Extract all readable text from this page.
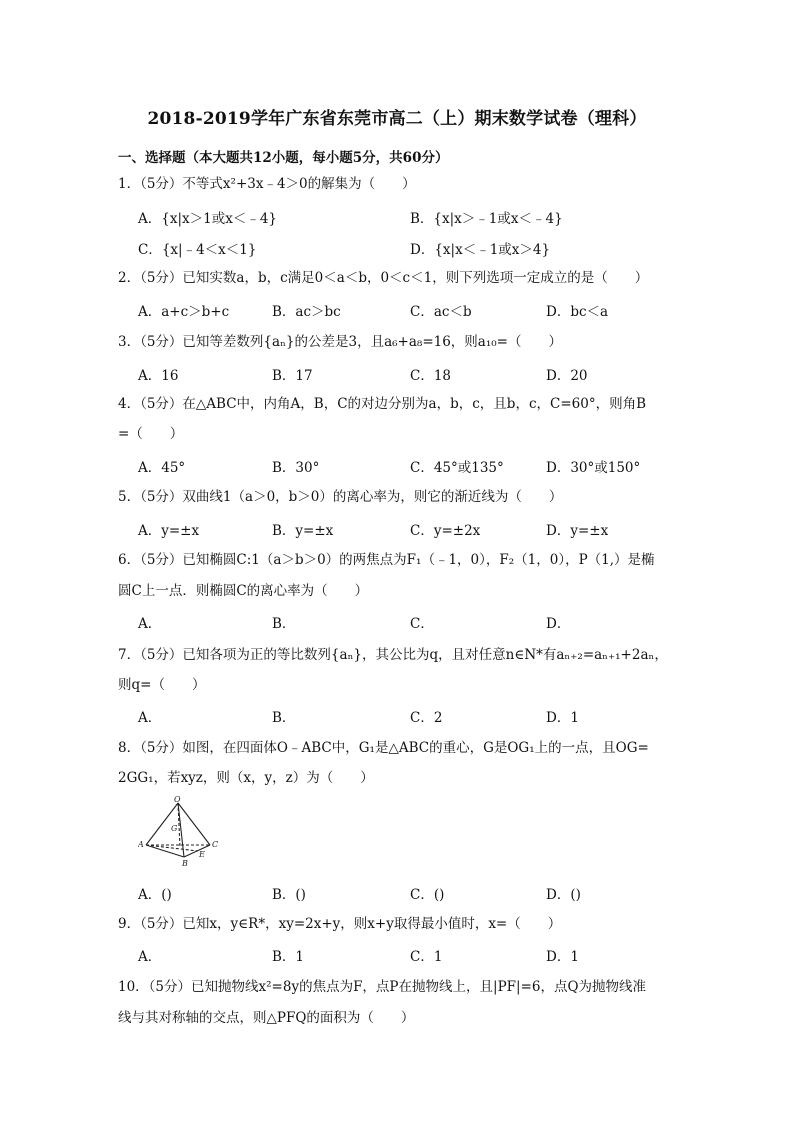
2018-2019学年广东省东莞市高二（上）期末数学试卷（理科）
一、选择题（本大题共12小题，每小题5分，共60分）
1．（5分）不等式x²+3x﹣4＞0的解集为（　　）
A．{x|x＞1或x＜﹣4}	B．{x|x＞﹣1或x＜﹣4}
C．{x|﹣4＜x＜1}	D．{x|x＜﹣1或x＞4}
2．（5分）已知实数a，b，c满足0＜a＜b，0＜c＜1，则下列选项一定成立的是（　　）
A．a+c＞b+c	B．ac＞bc	C．ac＜b	D．bc＜a
3．（5分）已知等差数列{aₙ}的公差是3，且a₆+a₈=16，则a₁₀=（　　）
A．16	B．17	C．18	D．20
4．（5分）在△ABC中，内角A，B，C的对边分别为a，b，c，且b，c，C=60°，则角B
=（　　）
A．45°	B．30°	C．45°或135°	D．30°或150°
5．（5分）双曲线1（a＞0，b＞0）的离心率为，则它的渐近线为（　　）
A．y=±x	B．y=±x	C．y=±2x	D．y=±x
6．（5分）已知椭圆C:1（a＞b＞0）的两焦点为F₁（﹣1，0），F₂（1，0），P（1,）是椭
圆C上一点．则椭圆C的离心率为（　　）
A．	B．	C．	D．
7．（5分）已知各项为正的等比数列{aₙ}，其公比为q，且对任意n∈N*有aₙ₊₂=aₙ₊₁+2aₙ，
则q=（　　）
A．	B．	C．2	D．1
8．（5分）如图，在四面体O﹣ABC中，G₁是△ABC的重心，G是OG₁上的一点，且OG=
2GG₁，若xyz，则（x，y，z）为（　　）
O
G
A	C
B
E
A．()	B．()	C．()	D．()
9．（5分）已知x，y∈R*，xy=2x+y，则x+y取得最小值时，x=（　　）
A．	B．1	C．1	D．1
10．（5分）已知抛物线x²=8y的焦点为F，点P在抛物线上，且|PF|=6，点Q为抛物线准
线与其对称轴的交点，则△PFQ的面积为（　　）
